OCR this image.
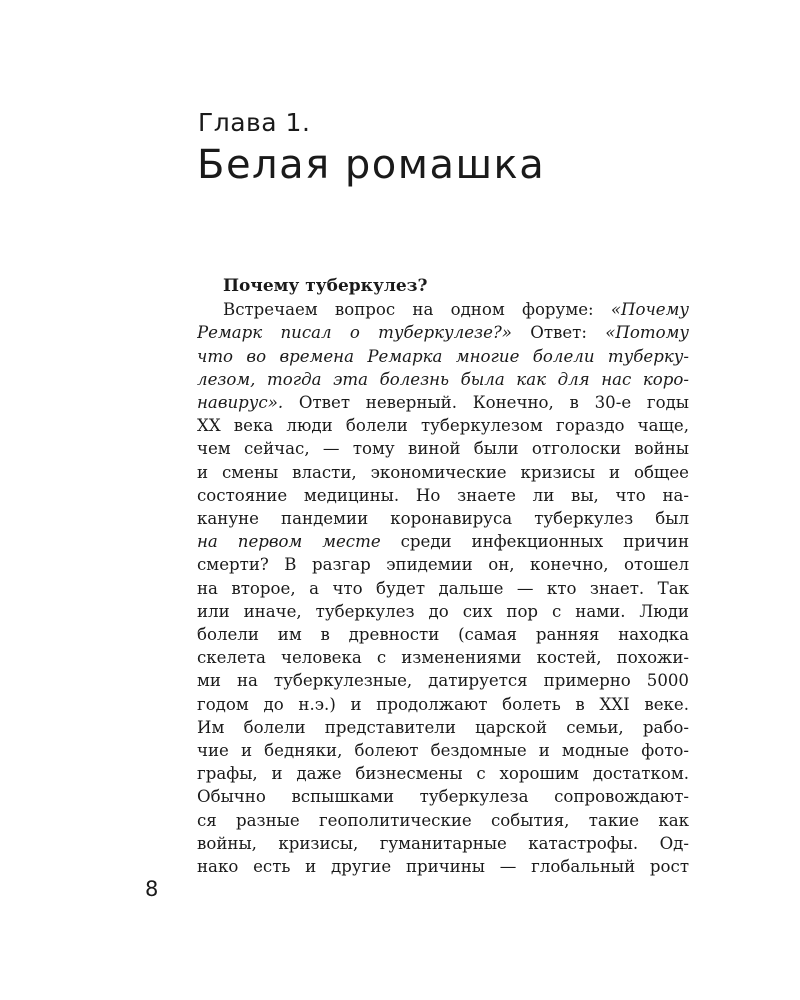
Глава 1.
Белая ромашка
Почему туберкулез?
Встречаем вопрос на одном форуме: «Почему
Ремарк писал о туберкулезе?» Ответ: «Потому
что во времена Ремарка многие болели туберку-
лезом, тогда эта болезнь была как для нас коро-
навирус». Ответ неверный. Конечно, в 30-е годы
XX века люди болели туберкулезом гораздо чаще,
чем сейчас, — тому виной были отголоски войны
и смены власти, экономические кризисы и общее
состояние медицины. Но знаете ли вы, что на-
кануне пандемии коронавируса туберкулез был
на первом месте среди инфекционных причин
смерти? В разгар эпидемии он, конечно, отошел
на второе, а что будет дальше — кто знает. Так
или иначе, туберкулез до сих пор с нами. Люди
болели им в древности (самая ранняя находка
скелета человека с изменениями костей, похожи-
ми на туберкулезные, датируется примерно 5000
годом до н.э.) и продолжают болеть в XXI веке.
Им болели представители царской семьи, рабо-
чие и бедняки, болеют бездомные и модные фото-
графы, и даже бизнесмены с хорошим достатком.
Обычно вспышками туберкулеза сопровождают-
ся разные геополитические события, такие как
войны, кризисы, гуманитарные катастрофы. Од-
нако есть и другие причины — глобальный рост
8
